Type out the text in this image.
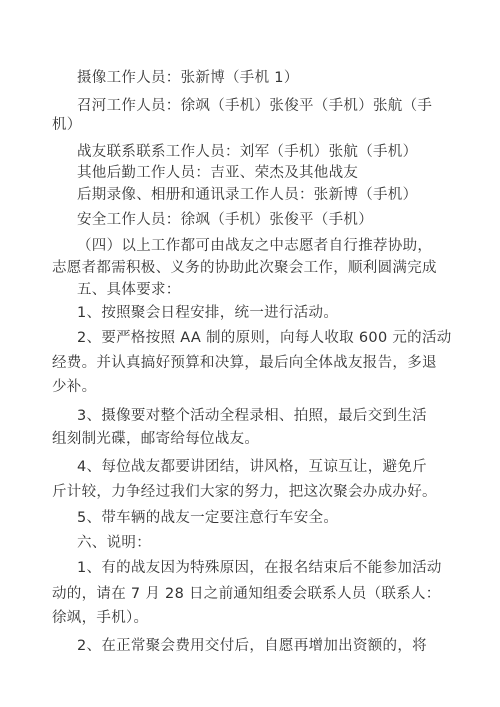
摄像工作人员：张新博（手机 1）
召河工作人员：徐飒（手机）张俊平（手机）张航（手
机）
战友联系联系工作人员：刘军（手机）张航（手机）
其他后勤工作人员：吉亚、荣杰及其他战友
后期录像、相册和通讯录工作人员：张新博（手机）
安全工作人员：徐飒（手机）张俊平（手机）
（四）以上工作都可由战友之中志愿者自行推荐协助，
志愿者都需积极、义务的协助此次聚会工作，顺利圆满完成
五、具体要求：
1、按照聚会日程安排，统一进行活动。
2、要严格按照 AA 制的原则，向每人收取 600 元的活动
经费。并认真搞好预算和决算，最后向全体战友报告，多退
少补。
3、摄像要对整个活动全程录相、拍照，最后交到生活
组刻制光碟，邮寄给每位战友。
4、每位战友都要讲团结，讲风格，互谅互让，避免斤
斤计较，力争经过我们大家的努力，把这次聚会办成办好。
5、带车辆的战友一定要注意行车安全。
六、说明：
1、有的战友因为特殊原因，在报名结束后不能参加活动
动的，请在 7 月 28 日之前通知组委会联系人员（联系人：
徐飒，手机）。
2、在正常聚会费用交付后，自愿再增加出资额的，将
